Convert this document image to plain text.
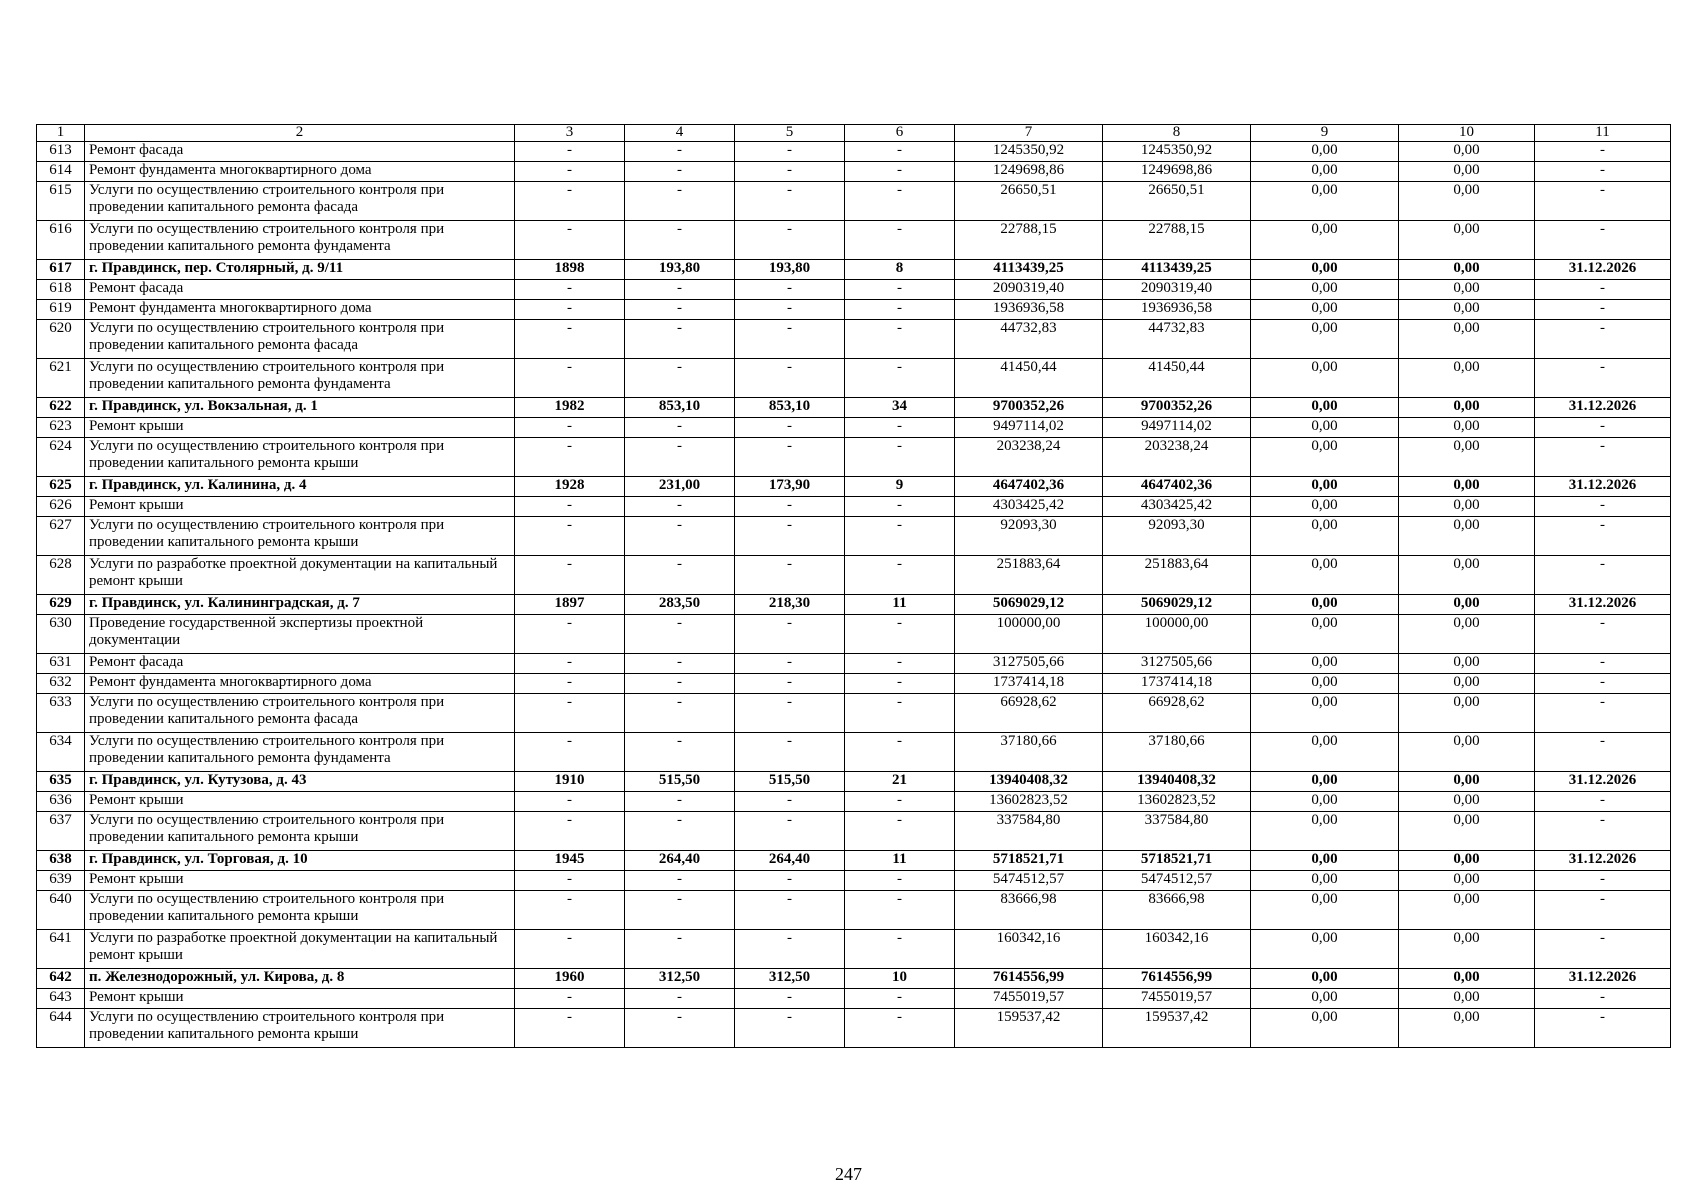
1	2	3	4	5	6	7	8	9	10	11
613	Ремонт фасада	-	-	-	-	1245350,92	1245350,92	0,00	0,00	-
614	Ремонт фундамента многоквартирного дома	-	-	-	-	1249698,86	1249698,86	0,00	0,00	-
615	Услуги по осуществлению строительного контроля при проведении капитального ремонта фасада	-	-	-	-	26650,51	26650,51	0,00	0,00	-
616	Услуги по осуществлению строительного контроля при проведении капитального ремонта фундамента	-	-	-	-	22788,15	22788,15	0,00	0,00	-
617	г. Правдинск, пер. Столярный, д. 9/11	1898	193,80	193,80	8	4113439,25	4113439,25	0,00	0,00	31.12.2026
618	Ремонт фасада	-	-	-	-	2090319,40	2090319,40	0,00	0,00	-
619	Ремонт фундамента многоквартирного дома	-	-	-	-	1936936,58	1936936,58	0,00	0,00	-
620	Услуги по осуществлению строительного контроля при проведении капитального ремонта фасада	-	-	-	-	44732,83	44732,83	0,00	0,00	-
621	Услуги по осуществлению строительного контроля при проведении капитального ремонта фундамента	-	-	-	-	41450,44	41450,44	0,00	0,00	-
622	г. Правдинск, ул. Вокзальная, д. 1	1982	853,10	853,10	34	9700352,26	9700352,26	0,00	0,00	31.12.2026
623	Ремонт крыши	-	-	-	-	9497114,02	9497114,02	0,00	0,00	-
624	Услуги по осуществлению строительного контроля при проведении капитального ремонта крыши	-	-	-	-	203238,24	203238,24	0,00	0,00	-
625	г. Правдинск, ул. Калинина, д. 4	1928	231,00	173,90	9	4647402,36	4647402,36	0,00	0,00	31.12.2026
626	Ремонт крыши	-	-	-	-	4303425,42	4303425,42	0,00	0,00	-
627	Услуги по осуществлению строительного контроля при проведении капитального ремонта крыши	-	-	-	-	92093,30	92093,30	0,00	0,00	-
628	Услуги по разработке проектной документации на капитальный ремонт крыши	-	-	-	-	251883,64	251883,64	0,00	0,00	-
629	г. Правдинск, ул. Калининградская, д. 7	1897	283,50	218,30	11	5069029,12	5069029,12	0,00	0,00	31.12.2026
630	Проведение государственной экспертизы проектной документации	-	-	-	-	100000,00	100000,00	0,00	0,00	-
631	Ремонт фасада	-	-	-	-	3127505,66	3127505,66	0,00	0,00	-
632	Ремонт фундамента многоквартирного дома	-	-	-	-	1737414,18	1737414,18	0,00	0,00	-
633	Услуги по осуществлению строительного контроля при проведении капитального ремонта фасада	-	-	-	-	66928,62	66928,62	0,00	0,00	-
634	Услуги по осуществлению строительного контроля при проведении капитального ремонта фундамента	-	-	-	-	37180,66	37180,66	0,00	0,00	-
635	г. Правдинск, ул. Кутузова, д. 43	1910	515,50	515,50	21	13940408,32	13940408,32	0,00	0,00	31.12.2026
636	Ремонт крыши	-	-	-	-	13602823,52	13602823,52	0,00	0,00	-
637	Услуги по осуществлению строительного контроля при проведении капитального ремонта крыши	-	-	-	-	337584,80	337584,80	0,00	0,00	-
638	г. Правдинск, ул. Торговая, д. 10	1945	264,40	264,40	11	5718521,71	5718521,71	0,00	0,00	31.12.2026
639	Ремонт крыши	-	-	-	-	5474512,57	5474512,57	0,00	0,00	-
640	Услуги по осуществлению строительного контроля при проведении капитального ремонта крыши	-	-	-	-	83666,98	83666,98	0,00	0,00	-
641	Услуги по разработке проектной документации на капитальный ремонт крыши	-	-	-	-	160342,16	160342,16	0,00	0,00	-
642	п. Железнодорожный, ул. Кирова, д. 8	1960	312,50	312,50	10	7614556,99	7614556,99	0,00	0,00	31.12.2026
643	Ремонт крыши	-	-	-	-	7455019,57	7455019,57	0,00	0,00	-
644	Услуги по осуществлению строительного контроля при проведении капитального ремонта крыши	-	-	-	-	159537,42	159537,42	0,00	0,00	-
247
